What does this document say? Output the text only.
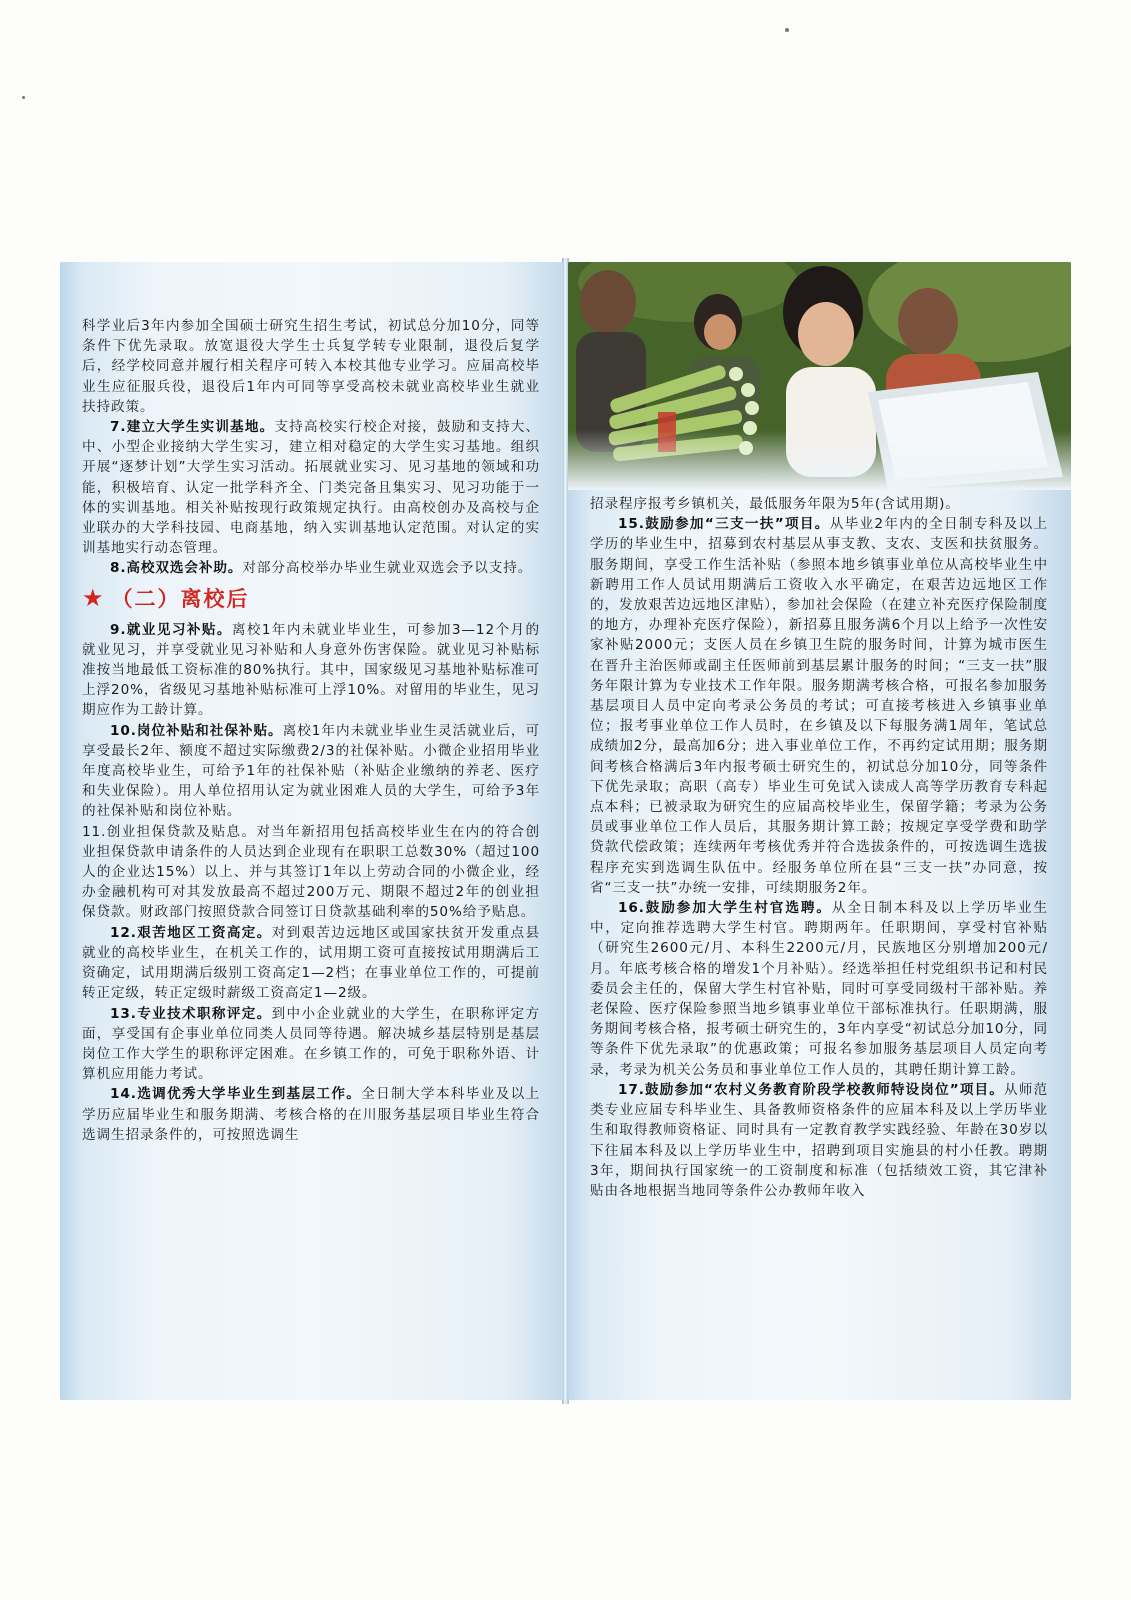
科学业后3年内参加全国硕士研究生招生考试，初试总分加10分，同等条件下优先录取。放宽退役大学生士兵复学转专业限制，退役后复学后，经学校同意并履行相关程序可转入本校其他专业学习。应届高校毕业生应征服兵役，退役后1年内可同等享受高校未就业高校毕业生就业扶持政策。

7.建立大学生实训基地。支持高校实行校企对接，鼓励和支持大、中、小型企业接纳大学生实习，建立相对稳定的大学生实习基地。组织开展“逐梦计划”大学生实习活动。拓展就业实习、见习基地的领域和功能，积极培育、认定一批学科齐全、门类完备且集实习、见习功能于一体的实训基地。相关补贴按现行政策规定执行。由高校创办及高校与企业联办的大学科技园、电商基地，纳入实训基地认定范围。对认定的实训基地实行动态管理。

8.高校双选会补助。对部分高校举办毕业生就业双选会予以支持。

★ （二）离校后

9.就业见习补贴。离校1年内未就业毕业生，可参加3—12个月的就业见习，并享受就业见习补贴和人身意外伤害保险。就业见习补贴标准按当地最低工资标准的80%执行。其中，国家级见习基地补贴标准可上浮20%，省级见习基地补贴标准可上浮10%。对留用的毕业生，见习期应作为工龄计算。

10.岗位补贴和社保补贴。离校1年内未就业毕业生灵活就业后，可享受最长2年、额度不超过实际缴费2/3的社保补贴。小微企业招用毕业年度高校毕业生，可给予1年的社保补贴（补贴企业缴纳的养老、医疗和失业保险）。用人单位招用认定为就业困难人员的大学生，可给予3年的社保补贴和岗位补贴。

11.创业担保贷款及贴息。对当年新招用包括高校毕业生在内的符合创业担保贷款申请条件的人员达到企业现有在职职工总数30%（超过100人的企业达15%）以上、并与其签订1年以上劳动合同的小微企业，经办金融机构可对其发放最高不超过200万元、期限不超过2年的创业担保贷款。财政部门按照贷款合同签订日贷款基础利率的50%给予贴息。

12.艰苦地区工资高定。对到艰苦边远地区或国家扶贫开发重点县就业的高校毕业生，在机关工作的，试用期工资可直接按试用期满后工资确定，试用期满后级别工资高定1—2档；在事业单位工作的，可提前转正定级，转正定级时薪级工资高定1—2级。

13.专业技术职称评定。到中小企业就业的大学生，在职称评定方面，享受国有企事业单位同类人员同等待遇。解决城乡基层特别是基层岗位工作大学生的职称评定困难。在乡镇工作的，可免于职称外语、计算机应用能力考试。

14.选调优秀大学毕业生到基层工作。全日制大学本科毕业及以上学历应届毕业生和服务期满、考核合格的在川服务基层项目毕业生符合选调生招录条件的，可按照选调生

招录程序报考乡镇机关，最低服务年限为5年(含试用期)。

15.鼓励参加“三支一扶”项目。从毕业2年内的全日制专科及以上学历的毕业生中，招募到农村基层从事支教、支农、支医和扶贫服务。服务期间，享受工作生活补贴（参照本地乡镇事业单位从高校毕业生中新聘用工作人员试用期满后工资收入水平确定，在艰苦边远地区工作的，发放艰苦边远地区津贴），参加社会保险（在建立补充医疗保险制度的地方，办理补充医疗保险），新招募且服务满6个月以上给予一次性安家补贴2000元；支医人员在乡镇卫生院的服务时间，计算为城市医生在晋升主治医师或副主任医师前到基层累计服务的时间；“三支一扶”服务年限计算为专业技术工作年限。服务期满考核合格，可报名参加服务基层项目人员中定向考录公务员的考试；可直接考核进入乡镇事业单位；报考事业单位工作人员时，在乡镇及以下每服务满1周年，笔试总成绩加2分，最高加6分；进入事业单位工作，不再约定试用期；服务期间考核合格满后3年内报考硕士研究生的，初试总分加10分，同等条件下优先录取；高职（高专）毕业生可免试入读成人高等学历教育专科起点本科；已被录取为研究生的应届高校毕业生，保留学籍；考录为公务员或事业单位工作人员后，其服务期计算工龄；按规定享受学费和助学贷款代偿政策；连续两年考核优秀并符合选拔条件的，可按选调生选拔程序充实到选调生队伍中。经服务单位所在县“三支一扶”办同意，按省“三支一扶”办统一安排，可续期服务2年。

16.鼓励参加大学生村官选聘。从全日制本科及以上学历毕业生中，定向推荐选聘大学生村官。聘期两年。任职期间，享受村官补贴（研究生2600元/月、本科生2200元/月，民族地区分别增加200元/月。年底考核合格的增发1个月补贴）。经选举担任村党组织书记和村民委员会主任的，保留大学生村官补贴，同时可享受同级村干部补贴。养老保险、医疗保险参照当地乡镇事业单位干部标准执行。任职期满，服务期间考核合格，报考硕士研究生的，3年内享受“初试总分加10分，同等条件下优先录取”的优惠政策；可报名参加服务基层项目人员定向考录，考录为机关公务员和事业单位工作人员的，其聘任期计算工龄。

17.鼓励参加“农村义务教育阶段学校教师特设岗位”项目。从师范类专业应届专科毕业生、具备教师资格条件的应届本科及以上学历毕业生和取得教师资格证、同时具有一定教育教学实践经验、年龄在30岁以下往届本科及以上学历毕业生中，招聘到项目实施县的村小任教。聘期3年，期间执行国家统一的工资制度和标准（包括绩效工资，其它津补贴由各地根据当地同等条件公办教师年收入
